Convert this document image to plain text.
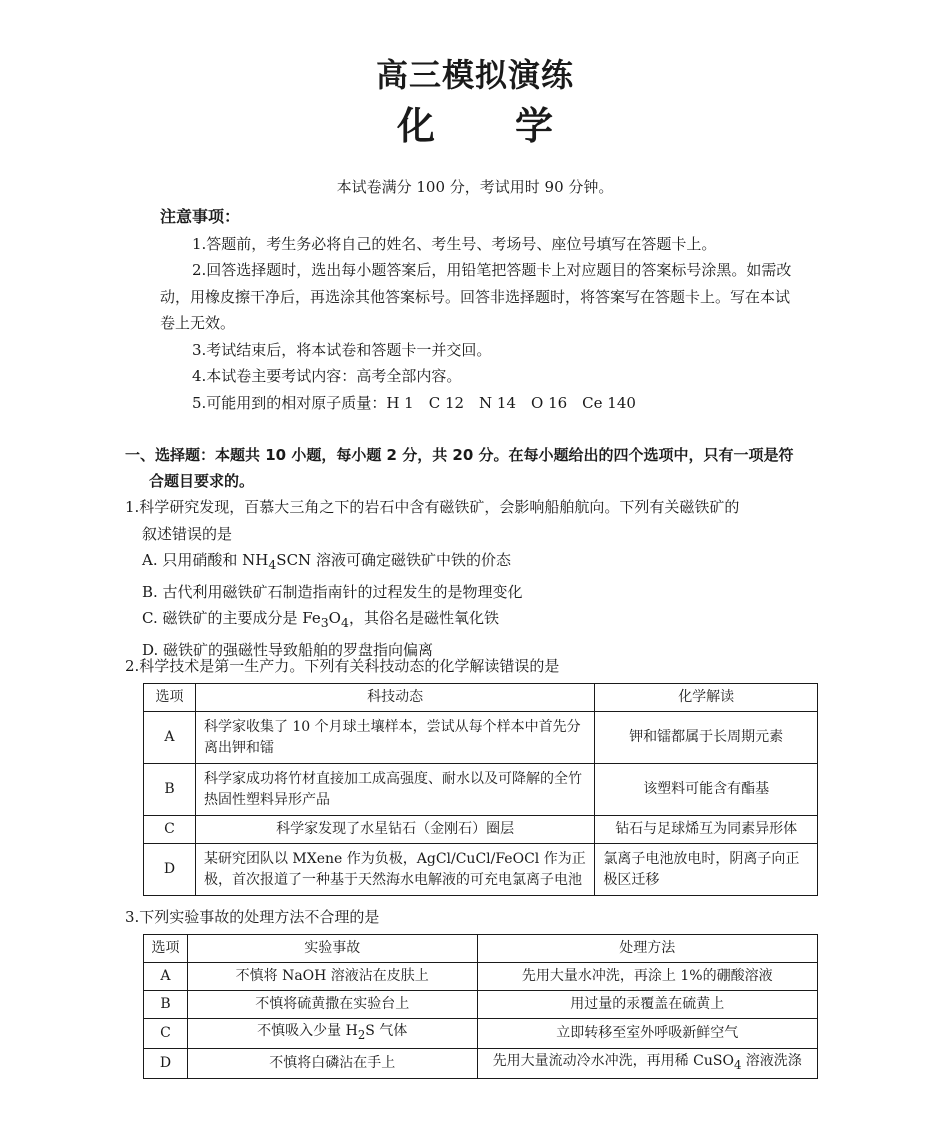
高三模拟演练
化 学
本试卷满分 100 分，考试用时 90 分钟。
注意事项：
1.答题前，考生务必将自己的姓名、考生号、考场号、座位号填写在答题卡上。
2.回答选择题时，选出每小题答案后，用铅笔把答题卡上对应题目的答案标号涂黑。如需改动，用橡皮擦干净后，再选涂其他答案标号。回答非选择题时，将答案写在答题卡上。写在本试卷上无效。
3.考试结束后，将本试卷和答题卡一并交回。
4.本试卷主要考试内容：高考全部内容。
5.可能用到的相对原子质量：H 1　C 12　N 14　O 16　Ce 140
一、选择题：本题共 10 小题，每小题 2 分，共 20 分。在每小题给出的四个选项中，只有一项是符
合题目要求的。
1.科学研究发现，百慕大三角之下的岩石中含有磁铁矿，会影响船舶航向。下列有关磁铁矿的
叙述错误的是
A. 只用硝酸和 $NH_4SCN$ 溶液可确定磁铁矿中铁的价态
B. 古代利用磁铁矿石制造指南针的过程发生的是物理变化
C. 磁铁矿的主要成分是 $Fe_3O_4$，其俗名是磁性氧化铁
D. 磁铁矿的强磁性导致船舶的罗盘指向偏离
2.科学技术是第一生产力。下列有关科技动态的化学解读错误的是
选项	科技动态	化学解读
A	科学家收集了 10 个月球土壤样本，尝试从每个样本中首先分离出钾和镭	钾和镭都属于长周期元素
B	科学家成功将竹材直接加工成高强度、耐水以及可降解的全竹热固性塑料异形产品	该塑料可能含有酯基
C	科学家发现了水星钻石（金刚石）圈层	钻石与足球烯互为同素异形体
D	某研究团队以 MXene 作为负极，AgCl/CuCl/FeOCl 作为正极，首次报道了一种基于天然海水电解液的可充电氯离子电池	氯离子电池放电时，阴离子向正极区迁移
3.下列实验事故的处理方法不合理的是
选项	实验事故	处理方法
A	不慎将 NaOH 溶液沾在皮肤上	先用大量水冲洗，再涂上 1%的硼酸溶液
B	不慎将硫黄撒在实验台上	用过量的汞覆盖在硫黄上
C	不慎吸入少量 $H_2S$ 气体	立即转移至室外呼吸新鲜空气
D	不慎将白磷沾在手上	先用大量流动冷水冲洗，再用稀 CuSO$_4$ 溶液洗涤
